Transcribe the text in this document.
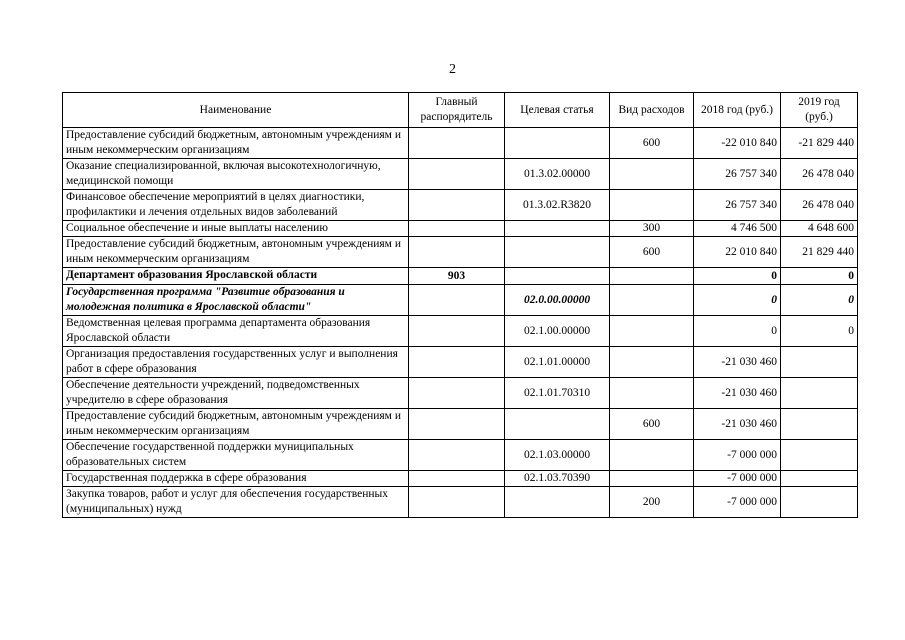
2
Наименование	Главный распорядитель	Целевая статья	Вид расходов	2018 год (руб.)	2019 год (руб.)
Предоставление субсидий бюджетным, автономным учреждениям и иным некоммерческим организациям			600	-22 010 840	-21 829 440
Оказание специализированной, включая высокотехнологичную, медицинской помощи		01.3.02.00000		26 757 340	26 478 040
Финансовое обеспечение мероприятий в целях диагностики, профилактики и лечения отдельных видов заболеваний		01.3.02.R3820		26 757 340	26 478 040
Социальное обеспечение и иные выплаты населению			300	4 746 500	4 648 600
Предоставление субсидий бюджетным, автономным учреждениям и иным некоммерческим организациям			600	22 010 840	21 829 440
Департамент образования Ярославской области	903			0	0
Государственная программа "Развитие образования и молодежная политика в Ярославской области"		02.0.00.00000		0	0
Ведомственная целевая программа департамента образования Ярославской области		02.1.00.00000		0	0
Организация предоставления государственных услуг и выполнения работ в сфере образования		02.1.01.00000		-21 030 460	
Обеспечение деятельности учреждений, подведомственных учредителю в сфере образования		02.1.01.70310		-21 030 460	
Предоставление субсидий бюджетным, автономным учреждениям и иным некоммерческим организациям			600	-21 030 460	
Обеспечение государственной поддержки муниципальных образовательных систем		02.1.03.00000		-7 000 000	
Государственная поддержка в сфере образования		02.1.03.70390		-7 000 000	
Закупка товаров, работ и услуг для обеспечения государственных (муниципальных) нужд			200	-7 000 000	
